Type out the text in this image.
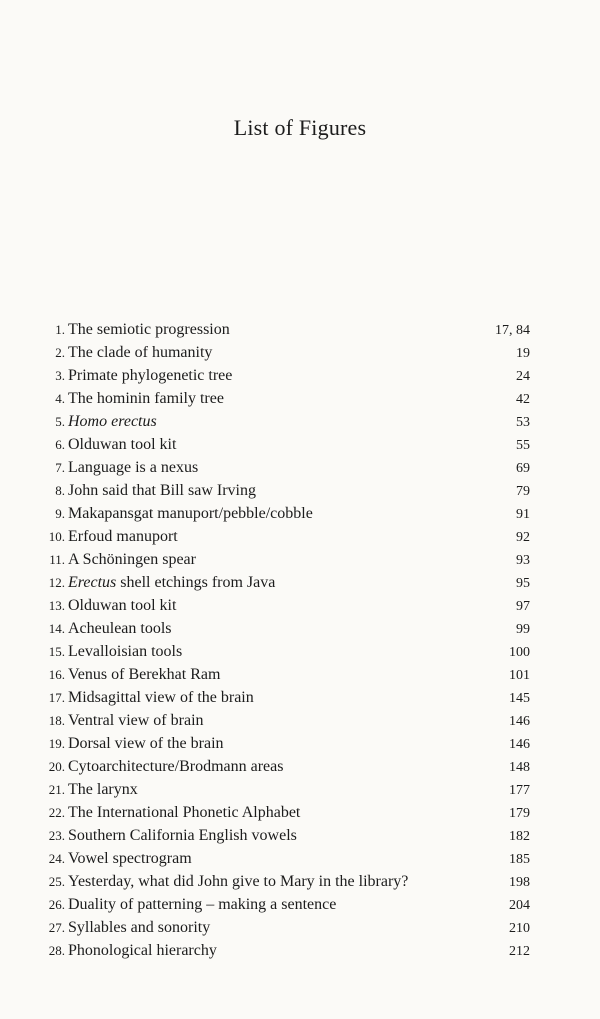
List of Figures
1. The semiotic progression	17, 84
2. The clade of humanity	19
3. Primate phylogenetic tree	24
4. The hominin family tree	42
5. Homo erectus	53
6. Olduwan tool kit	55
7. Language is a nexus	69
8. John said that Bill saw Irving	79
9. Makapansgat manuport/pebble/cobble	91
10. Erfoud manuport	92
11. A Schöningen spear	93
12. Erectus shell etchings from Java	95
13. Olduwan tool kit	97
14. Acheulean tools	99
15. Levalloisian tools	100
16. Venus of Berekhat Ram	101
17. Midsagittal view of the brain	145
18. Ventral view of brain	146
19. Dorsal view of the brain	146
20. Cytoarchitecture/Brodmann areas	148
21. The larynx	177
22. The International Phonetic Alphabet	179
23. Southern California English vowels	182
24. Vowel spectrogram	185
25. Yesterday, what did John give to Mary in the library?	198
26. Duality of patterning – making a sentence	204
27. Syllables and sonority	210
28. Phonological hierarchy	212
